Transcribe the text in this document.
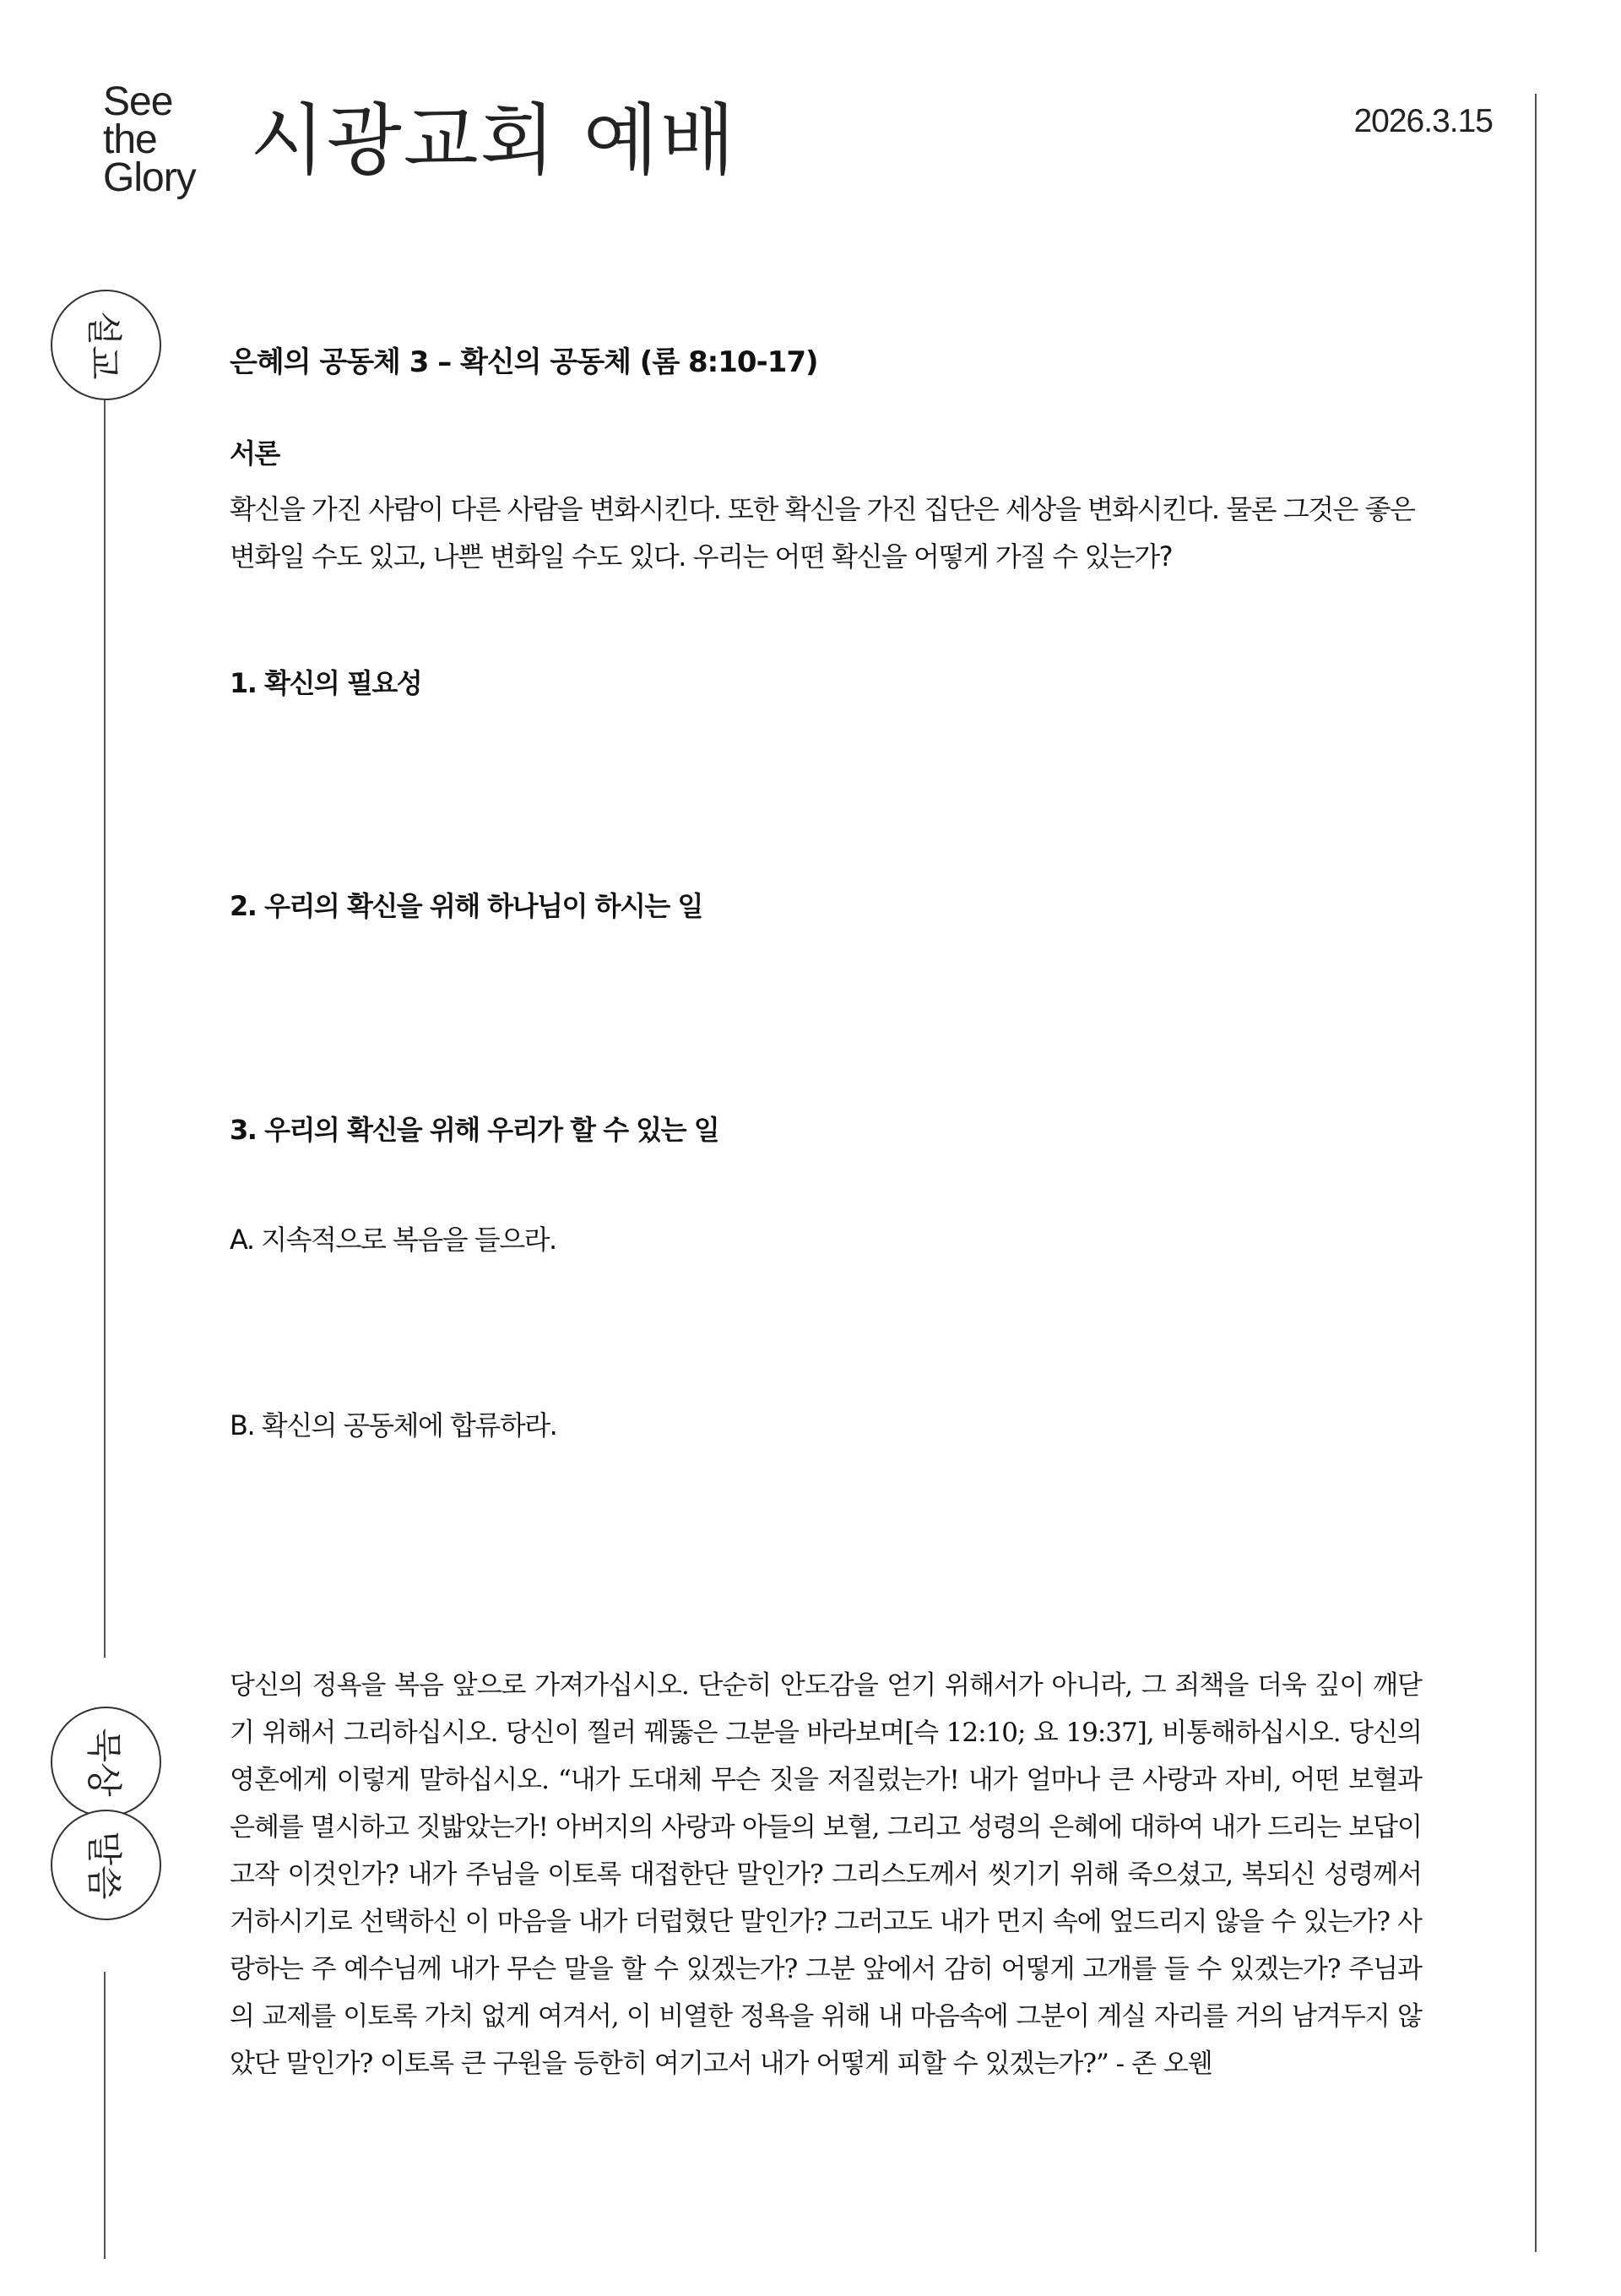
See
the
Glory 시광교회 예배	2026.3.15
설교
묵상
말씀
은혜의 공동체 3 – 확신의 공동체 (롬 8:10-17)
서론
확신을 가진 사람이 다른 사람을 변화시킨다. 또한 확신을 가진 집단은 세상을 변화시킨다. 물론 그것은 좋은 변화일 수도 있고, 나쁜 변화일 수도 있다. 우리는 어떤 확신을 어떻게 가질 수 있는가?
1. 확신의 필요성
2. 우리의 확신을 위해 하나님이 하시는 일
3. 우리의 확신을 위해 우리가 할 수 있는 일
A. 지속적으로 복음을 들으라.
B. 확신의 공동체에 합류하라.
당신의 정욕을 복음 앞으로 가져가십시오. 단순히 안도감을 얻기 위해서가 아니라, 그 죄책을 더욱 깊이 깨닫기 위해서 그리하십시오. 당신이 찔러 꿰뚫은 그분을 바라보며[슥 12:10; 요 19:37], 비통해하십시오. 당신의 영혼에게 이렇게 말하십시오. “내가 도대체 무슨 짓을 저질렀는가! 내가 얼마나 큰 사랑과 자비, 어떤 보혈과 은혜를 멸시하고 짓밟았는가! 아버지의 사랑과 아들의 보혈, 그리고 성령의 은혜에 대하여 내가 드리는 보답이 고작 이것인가? 내가 주님을 이토록 대접한단 말인가? 그리스도께서 씻기기 위해 죽으셨고, 복되신 성령께서 거하시기로 선택하신 이 마음을 내가 더럽혔단 말인가? 그러고도 내가 먼지 속에 엎드리지 않을 수 있는가? 사랑하는 주 예수님께 내가 무슨 말을 할 수 있겠는가? 그분 앞에서 감히 어떻게 고개를 들 수 있겠는가? 주님과의 교제를 이토록 가치 없게 여겨서, 이 비열한 정욕을 위해 내 마음속에 그분이 계실 자리를 거의 남겨두지 않았단 말인가? 이토록 큰 구원을 등한히 여기고서 내가 어떻게 피할 수 있겠는가?” - 존 오웬
